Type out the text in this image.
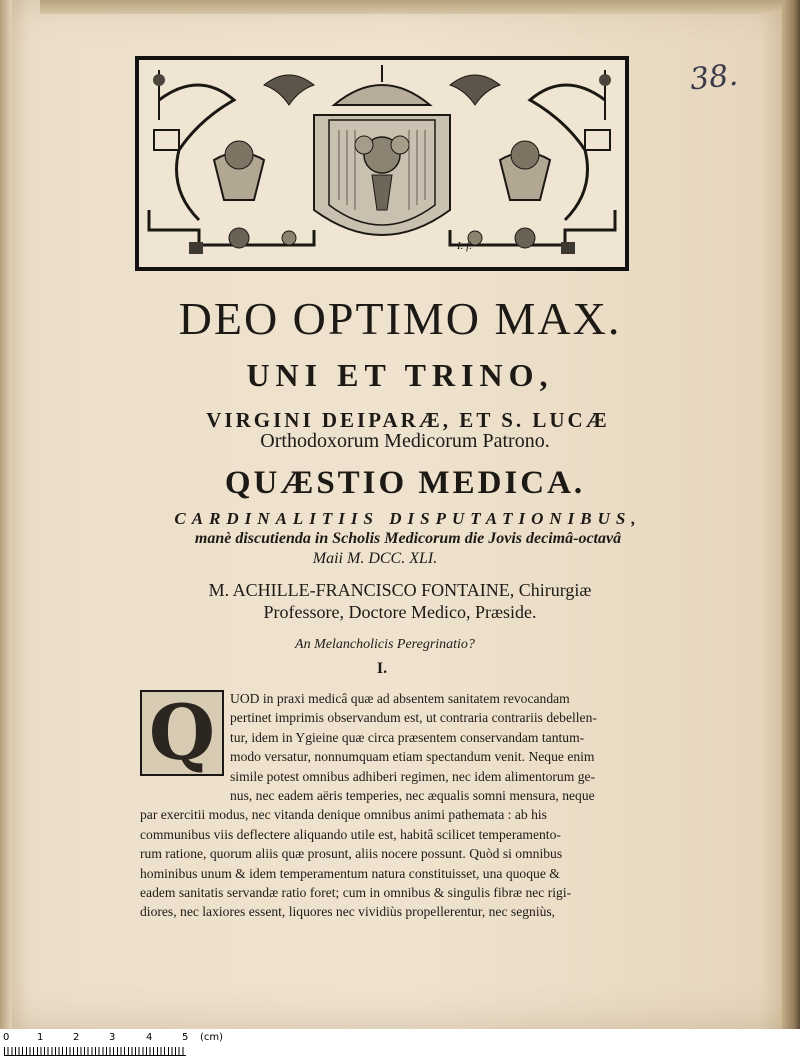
38.
I. f.
DEO OPTIMO MAX.
UNI ET TRINO,
VIRGINI DEIPARÆ, ET S. LUCÆ
Orthodoxorum Medicorum Patrono.
QUÆSTIO MEDICA.
CARDINALITIIS DISPUTATIONIBUS,
manè discutienda in Scholis Medicorum die Jovis decimâ-octavâ
Maii M. DCC. XLI.
M. ACHILLE-FRANCISCO FONTAINE, Chirurgiæ
Professore, Doctore Medico, Præside.
An Melancholicis Peregrinatio?
I.
Q	UOD in praxi medicâ quæ ad absentem sanitatem revocandam
pertinet imprimis observandum est, ut contraria contrariis debellen-
tur, idem in Ygieine quæ circa præsentem conservandam tantum-
modo versatur, nonnumquam etiam spectandum venit. Neque enim
simile potest omnibus adhiberi regimen, nec idem alimentorum ge-
nus, nec eadem aëris temperies, nec æqualis somni mensura, neque
par exercitii modus, nec vitanda denique omnibus animi pathemata : ab his
communibus viis deflectere aliquando utile est, habitâ scilicet temperamento-
rum ratione, quorum aliis quæ prosunt, aliis nocere possunt. Quòd si omnibus
hominibus unum & idem temperamentum natura constituisset, una quoque &
eadem sanitatis servandæ ratio foret; cum in omnibus & singulis fibræ nec rigi-
diores, nec laxiores essent, liquores nec vividiùs propellerentur, nec segniùs,
0	1	2	3	4	5 (cm)
